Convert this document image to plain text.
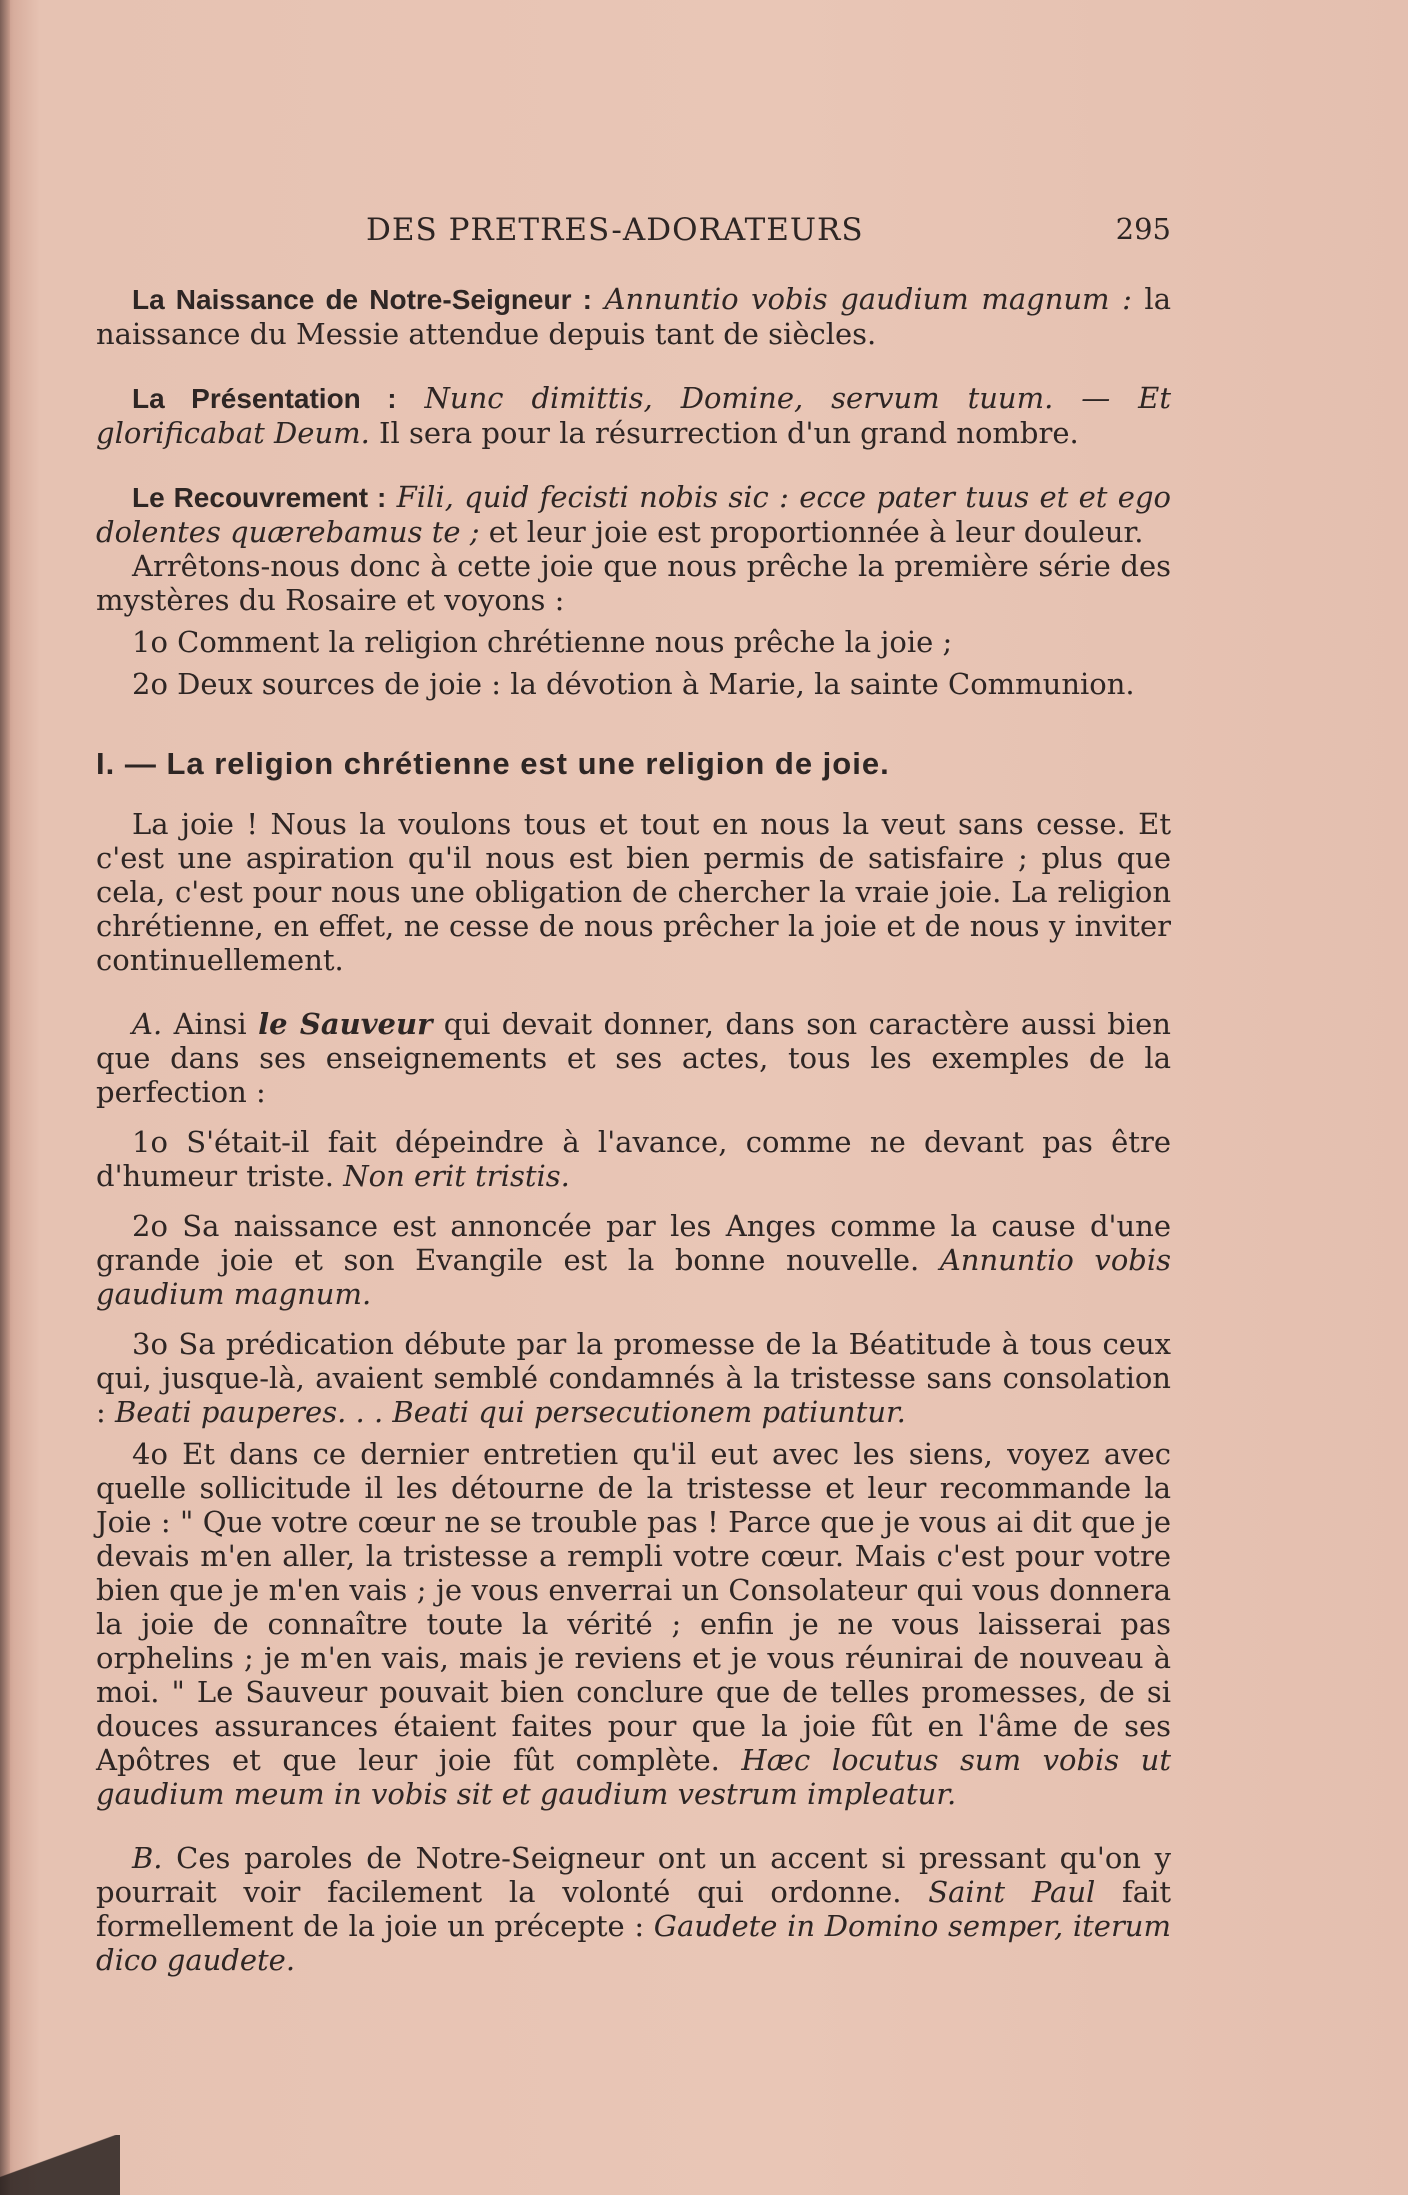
DES PRETRES-ADORATEURS	295

La Naissance de Notre-Seigneur : Annuntio vobis gaudium magnum : la naissance du Messie attendue depuis tant de siècles.

La Présentation : Nunc dimittis, Domine, servum tuum. — Et glorificabat Deum. Il sera pour la résurrection d'un grand nombre.

Le Recouvrement : Fili, quid fecisti nobis sic : ecce pater tuus et et ego dolentes quærebamus te ; et leur joie est proportionnée à leur douleur.

Arrêtons-nous donc à cette joie que nous prêche la première série des mystères du Rosaire et voyons :

1o Comment la religion chrétienne nous prêche la joie ;

2o Deux sources de joie : la dévotion à Marie, la sainte Communion.

I. — La religion chrétienne est une religion de joie.

La joie ! Nous la voulons tous et tout en nous la veut sans cesse. Et c'est une aspiration qu'il nous est bien permis de satisfaire ; plus que cela, c'est pour nous une obligation de chercher la vraie joie. La religion chrétienne, en effet, ne cesse de nous prêcher la joie et de nous y inviter continuellement.

A. Ainsi le Sauveur qui devait donner, dans son caractère aussi bien que dans ses enseignements et ses actes, tous les exemples de la perfection :

1o S'était-il fait dépeindre à l'avance, comme ne devant pas être d'humeur triste. Non erit tristis.

2o Sa naissance est annoncée par les Anges comme la cause d'une grande joie et son Evangile est la bonne nouvelle. Annuntio vobis gaudium magnum.

3o Sa prédication débute par la promesse de la Béatitude à tous ceux qui, jusque-là, avaient semblé condamnés à la tristesse sans consolation : Beati pauperes. . . Beati qui persecutionem patiuntur.

4o Et dans ce dernier entretien qu'il eut avec les siens, voyez avec quelle sollicitude il les détourne de la tristesse et leur recommande la Joie : " Que votre cœur ne se trouble pas ! Parce que je vous ai dit que je devais m'en aller, la tristesse a rempli votre cœur. Mais c'est pour votre bien que je m'en vais ; je vous enverrai un Consolateur qui vous donnera la joie de connaître toute la vérité ; enfin je ne vous laisserai pas orphelins ; je m'en vais, mais je reviens et je vous réunirai de nouveau à moi. " Le Sauveur pouvait bien conclure que de telles promesses, de si douces assurances étaient faites pour que la joie fût en l'âme de ses Apôtres et que leur joie fût complète. Hæc locutus sum vobis ut gaudium meum in vobis sit et gaudium vestrum impleatur.

B. Ces paroles de Notre-Seigneur ont un accent si pressant qu'on y pourrait voir facilement la volonté qui ordonne. Saint Paul fait formellement de la joie un précepte : Gaudete in Domino semper, iterum dico gaudete.
